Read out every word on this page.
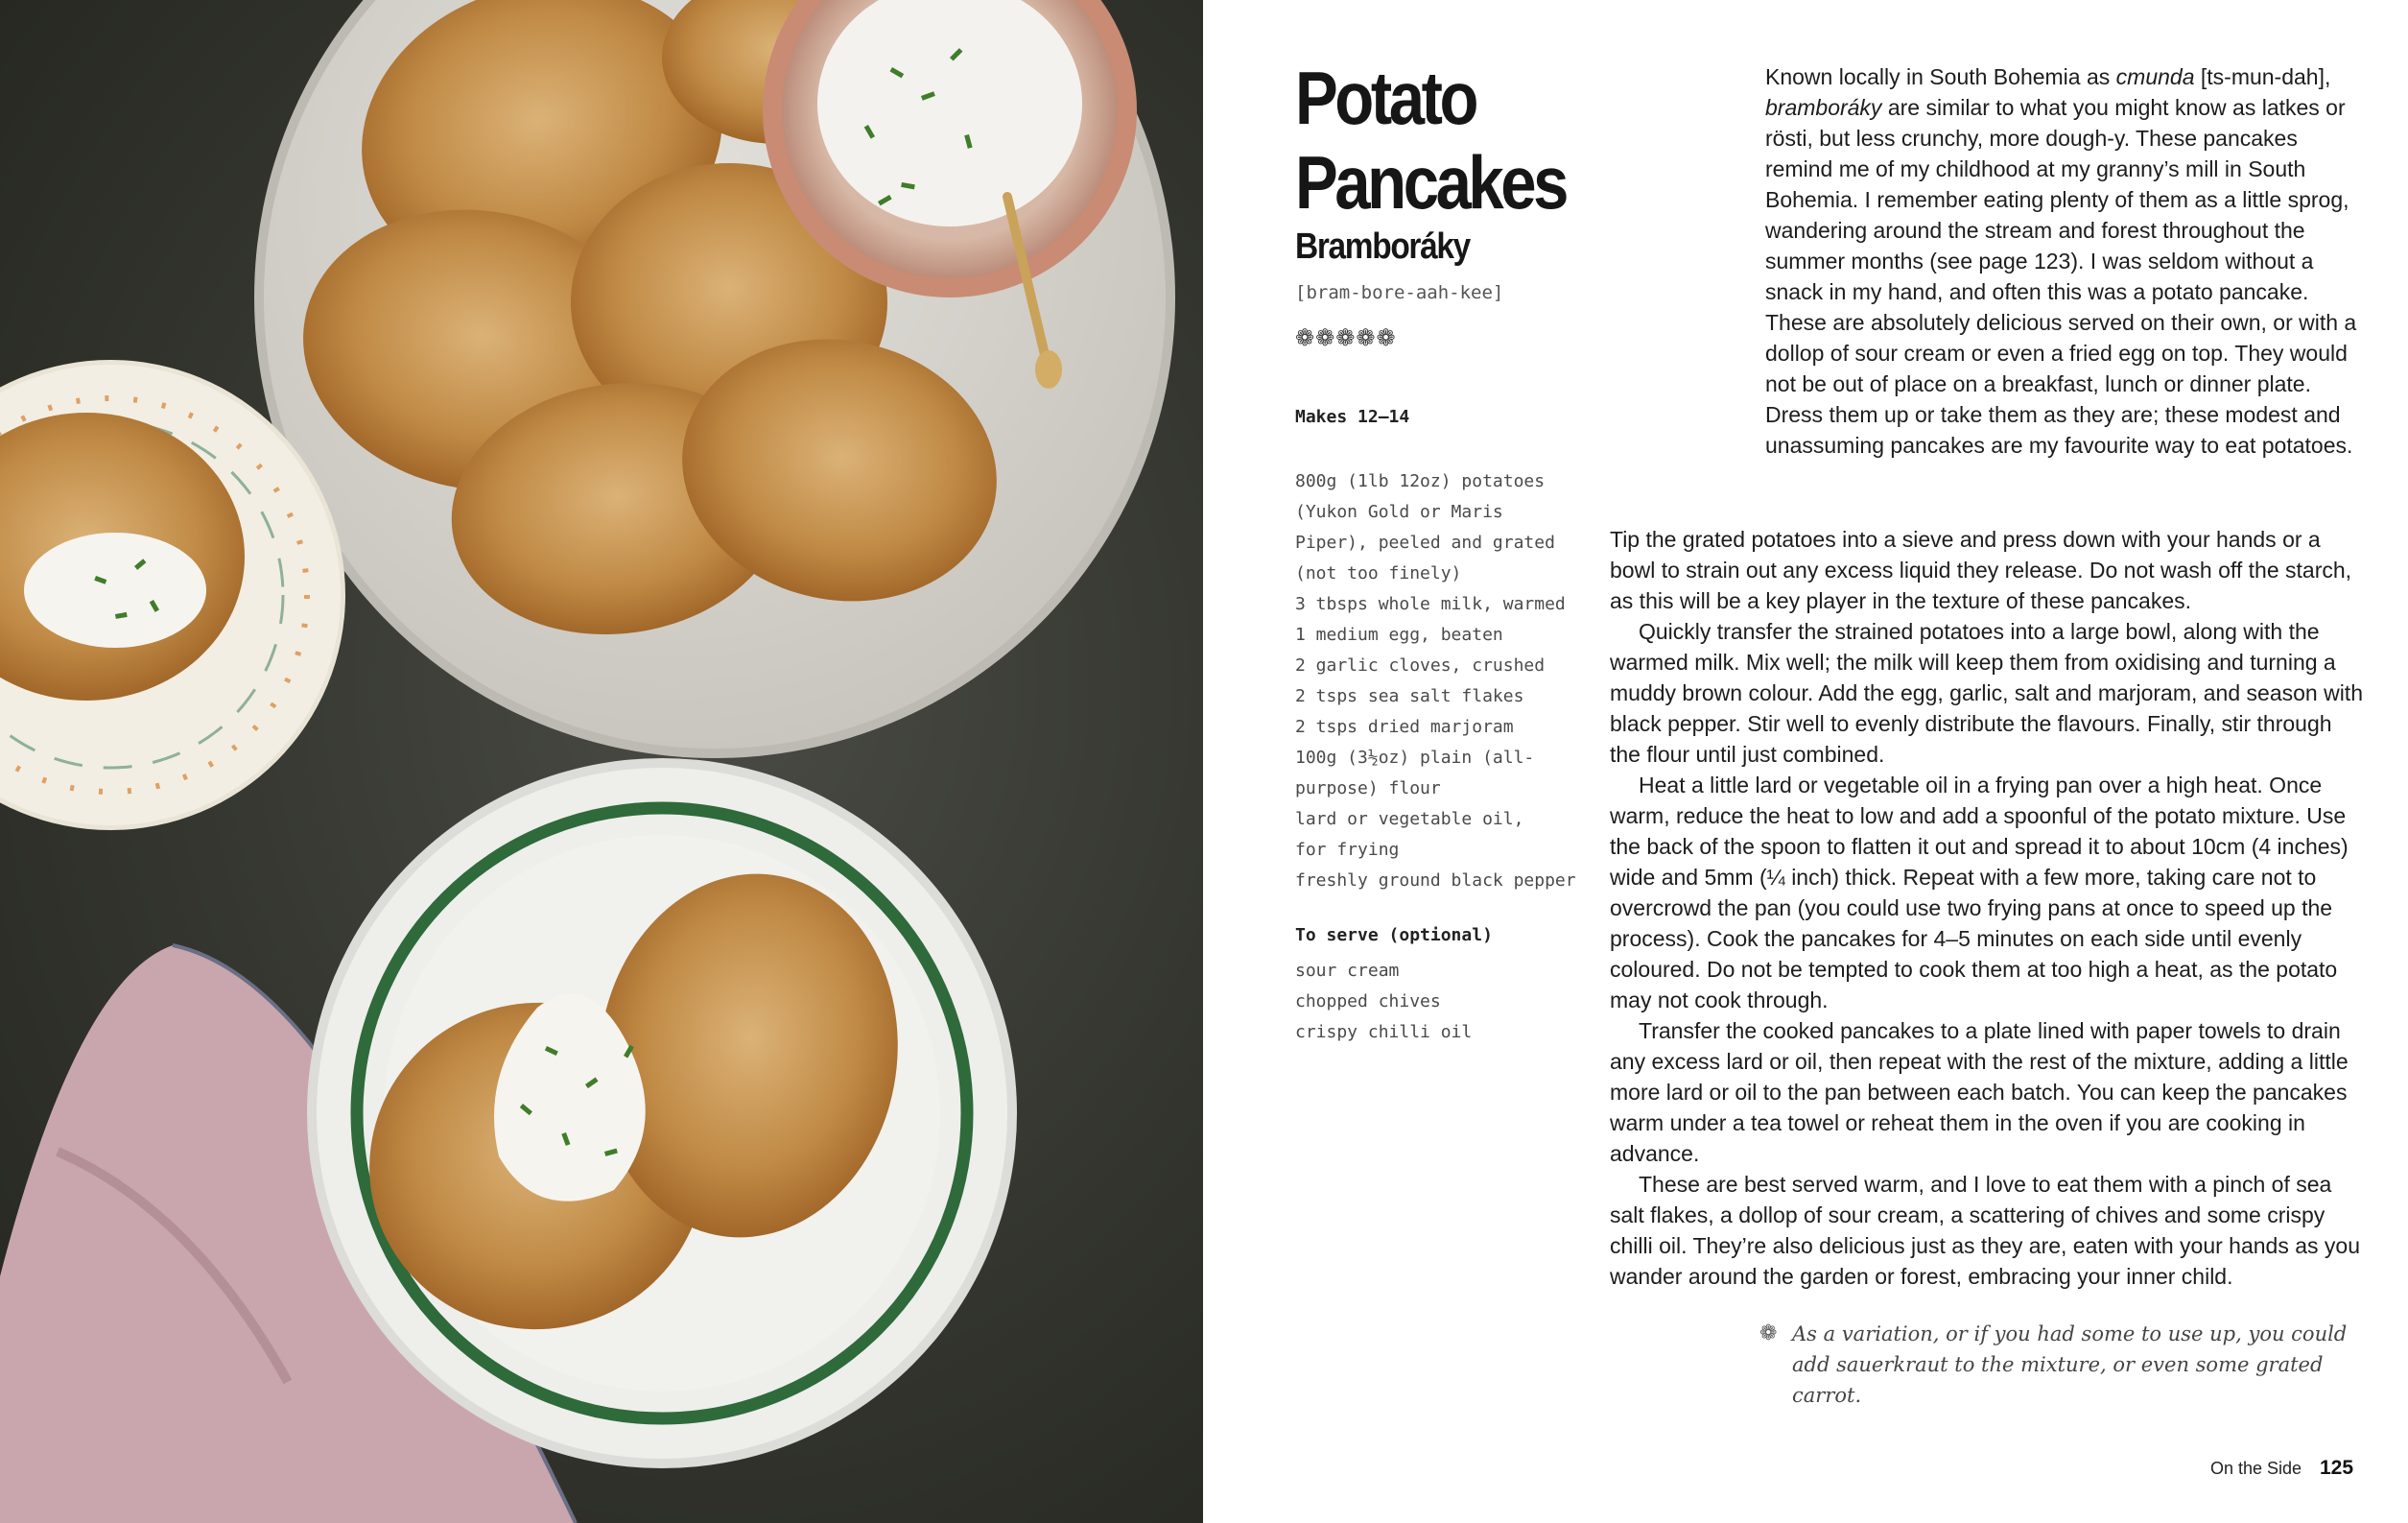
Potato
Pancakes
Bramboráky
[bram-bore-aah-kee]
❁❁❁❁❁
Makes 12–14
800g (1lb 12oz) potatoes
(Yukon Gold or Maris
Piper), peeled and grated
(not too finely)
3 tbsps whole milk, warmed
1 medium egg, beaten
2 garlic cloves, crushed
2 tsps sea salt flakes
2 tsps dried marjoram
100g (3½oz) plain (all-
purpose) flour
lard or vegetable oil,
for frying
freshly ground black pepper
To serve (optional)
sour cream
chopped chives
crispy chilli oil

Known locally in South Bohemia as cmunda [ts-mun-dah], bramboráky are similar to what you might know as latkes or rösti, but less crunchy, more dough-y. These pancakes remind me of my childhood at my granny’s mill in South Bohemia. I remember eating plenty of them as a little sprog, wandering around the stream and forest throughout the summer months (see page 123). I was seldom without a snack in my hand, and often this was a potato pancake. These are absolutely delicious served on their own, or with a dollop of sour cream or even a fried egg on top. They would not be out of place on a breakfast, lunch or dinner plate. Dress them up or take them as they are; these modest and unassuming pancakes are my favourite way to eat potatoes.

Tip the grated potatoes into a sieve and press down with your hands or a bowl to strain out any excess liquid they release. Do not wash off the starch, as this will be a key player in the texture of these pancakes.

Quickly transfer the strained potatoes into a large bowl, along with the warmed milk. Mix well; the milk will keep them from oxidising and turning a muddy brown colour. Add the egg, garlic, salt and marjoram, and season with black pepper. Stir well to evenly distribute the flavours. Finally, stir through the flour until just combined.

Heat a little lard or vegetable oil in a frying pan over a high heat. Once warm, reduce the heat to low and add a spoonful of the potato mixture. Use the back of the spoon to flatten it out and spread it to about 10cm (4 inches) wide and 5mm (¼ inch) thick. Repeat with a few more, taking care not to overcrowd the pan (you could use two frying pans at once to speed up the process). Cook the pancakes for 4–5 minutes on each side until evenly coloured. Do not be tempted to cook them at too high a heat, as the potato may not cook through.

Transfer the cooked pancakes to a plate lined with paper towels to drain any excess lard or oil, then repeat with the rest of the mixture, adding a little more lard or oil to the pan between each batch. You can keep the pancakes warm under a tea towel or reheat them in the oven if you are cooking in advance.

These are best served warm, and I love to eat them with a pinch of sea salt flakes, a dollop of sour cream, a scattering of chives and some crispy chilli oil. They’re also delicious just as they are, eaten with your hands as you wander around the garden or forest, embracing your inner child.

❁ As a variation, or if you had some to use up, you could add sauerkraut to the mixture, or even some grated carrot.
On the Side 125
